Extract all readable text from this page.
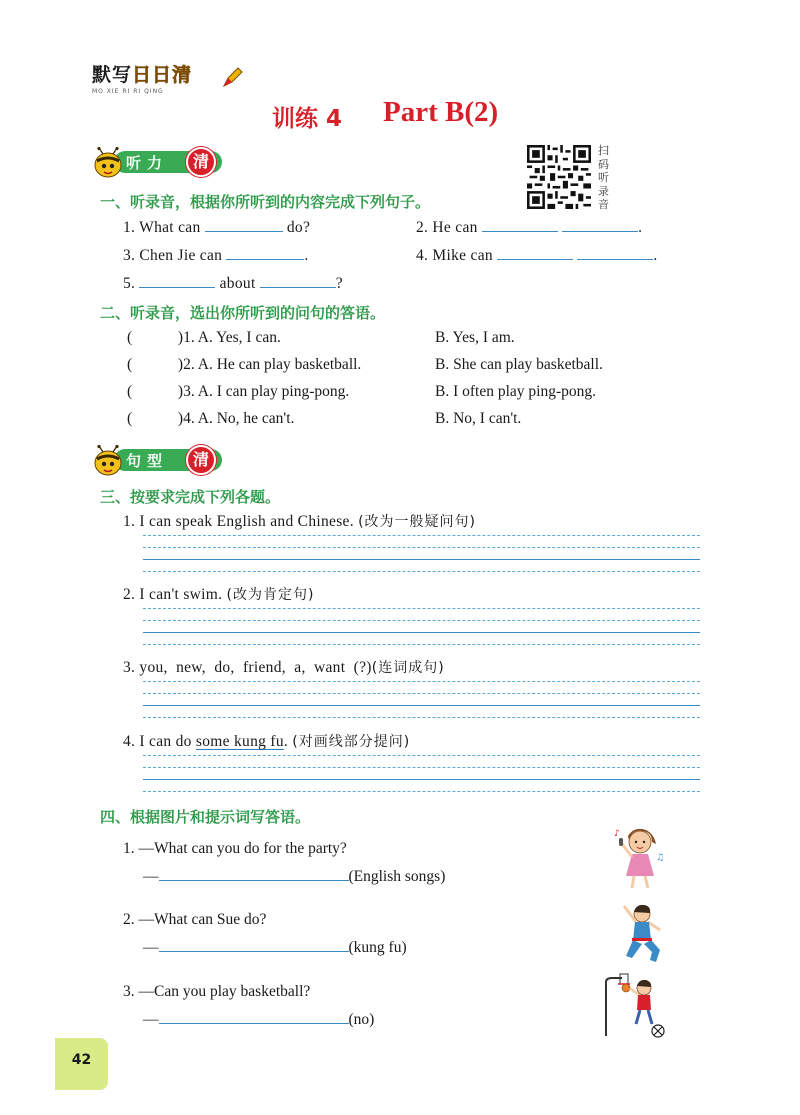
默写日日清
MO XIE RI RI QING
训练 4 Part B(2)
扫
码
听
录
音
听力	清
一、听录音，根据你所听到的内容完成下列句子。
1. What can	do?	2. He can	.
3. Chen Jie can	.	4. Mike can	.
5.	about	?
二、听录音，选出你所听到的问句的答语。
(	)1. A. Yes, I can.	B. Yes, I am.
(	)2. A. He can play basketball.	B. She can play basketball.
(	)3. A. I can play ping-pong.	B. I often play ping-pong.
(	)4. A. No, he can't.	B. No, I can't.
句型	清
三、按要求完成下列各题。
1. I can speak English and Chinese. (改为一般疑问句)
2. I can't swim. (改为肯定句)
3. you,  new,  do,  friend,  a,  want  (?)(连词成句)
4. I can do some kung fu. (对画线部分提问)
四、根据图片和提示词写答语。
1. —What can you do for the party?
—	(English songs)
♪
♫
2. —What can Sue do?
—	(kung fu)
3. —Can you play basketball?
—	(no)
42
